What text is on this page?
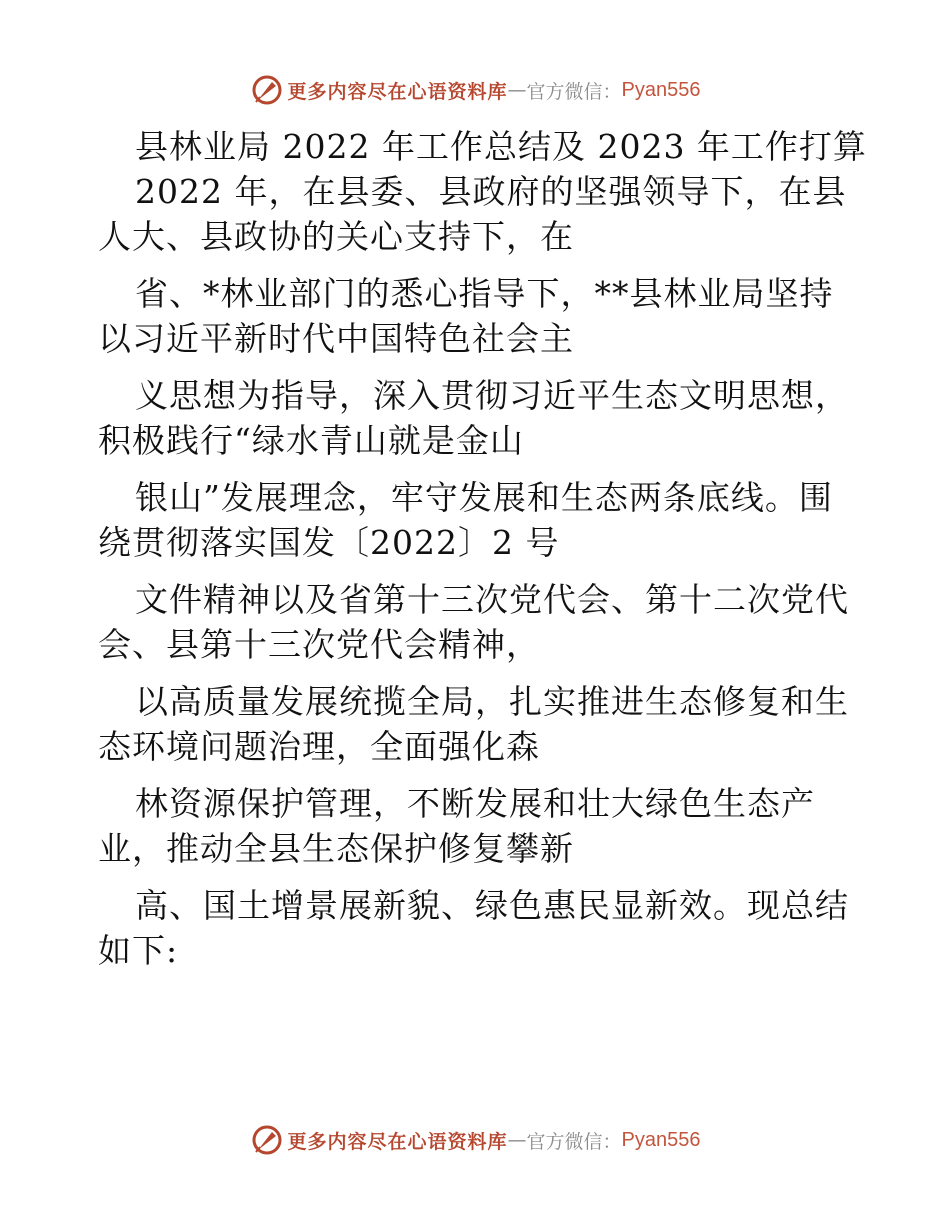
更多内容尽在心语资料库 — 官方微信： Pyan556
县林业局 2022 年工作总结及 2023 年工作打算
2022 年，在县委、县政府的坚强领导下，在县
人大、县政协的关心支持下，在
省、*林业部门的悉心指导下，**县林业局坚持
以习近平新时代中国特色社会主
义思想为指导，深入贯彻习近平生态文明思想，
积极践行“绿水青山就是金山
银山”发展理念，牢守发展和生态两条底线。围
绕贯彻落实国发〔2022〕2 号
文件精神以及省第十三次党代会、第十二次党代
会、县第十三次党代会精神，
以高质量发展统揽全局，扎实推进生态修复和生
态环境问题治理，全面强化森
林资源保护管理，不断发展和壮大绿色生态产
业，推动全县生态保护修复攀新
高、国土增景展新貌、绿色惠民显新效。现总结
如下:
更多内容尽在心语资料库 — 官方微信： Pyan556
